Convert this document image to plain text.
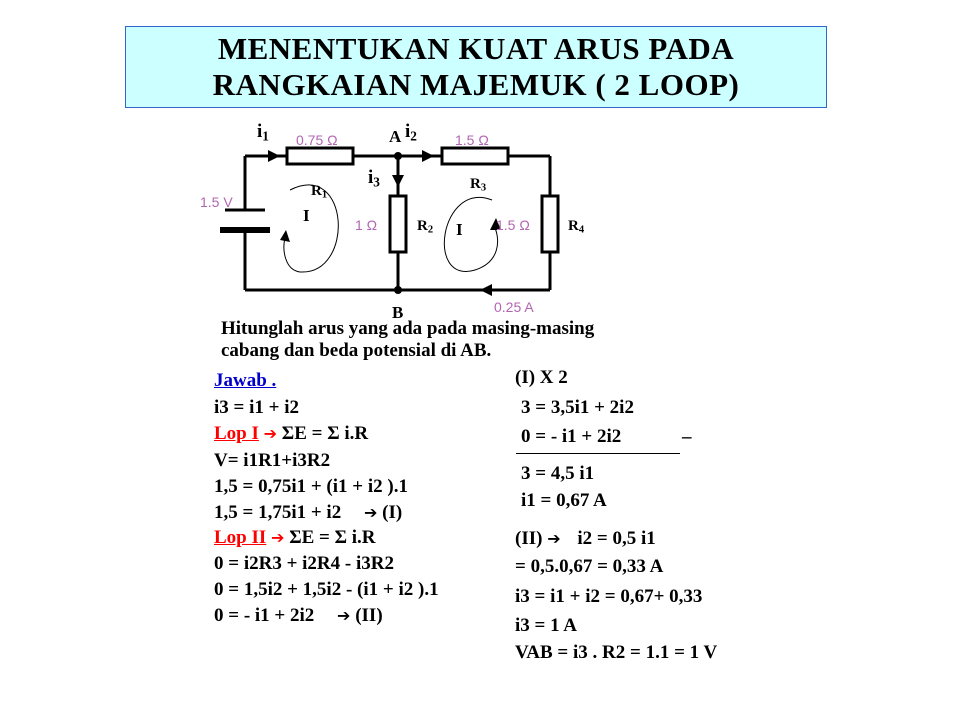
MENENTUKAN KUAT ARUS PADA
RANGKAIAN MAJEMUK ( 2 LOOP)
$i_1$	A $i_2$
$i_3$
B
0.75 Ω	1.5 Ω
1 Ω	1.5 Ω
1.5 V
0.25 A
$R_1$
$R_3$
$R_2$	$R_4$
I
I
Hitunglah arus yang ada pada masing-masing
cabang dan beda potensial di AB.
Jawab .
i3 = i1 + i2
Lop I ➔ ΣE = Σ i.R
V= i1R1+i3R2
1,5 = 0,75i1 + (i1 + i2 ).1
1,5 = 1,75i1 + i2 ➔ (I)
Lop II ➔ ΣE = Σ i.R
0 = i2R3 + i2R4 - i3R2
0 = 1,5i2 + 1,5i2 - (i1 + i2 ).1
0 = - i1 + 2i2 ➔ (II)
(I) X 2
3 = 3,5i1 + 2i2
0 = - i1 + 2i2	_
3 = 4,5 i1
i1 = 0,67 A
(II) ➔ i2 = 0,5 i1
= 0,5.0,67 = 0,33 A
i3 = i1 + i2 = 0,67+ 0,33
i3 = 1 A
VAB = i3 . R2 = 1.1 = 1 V
